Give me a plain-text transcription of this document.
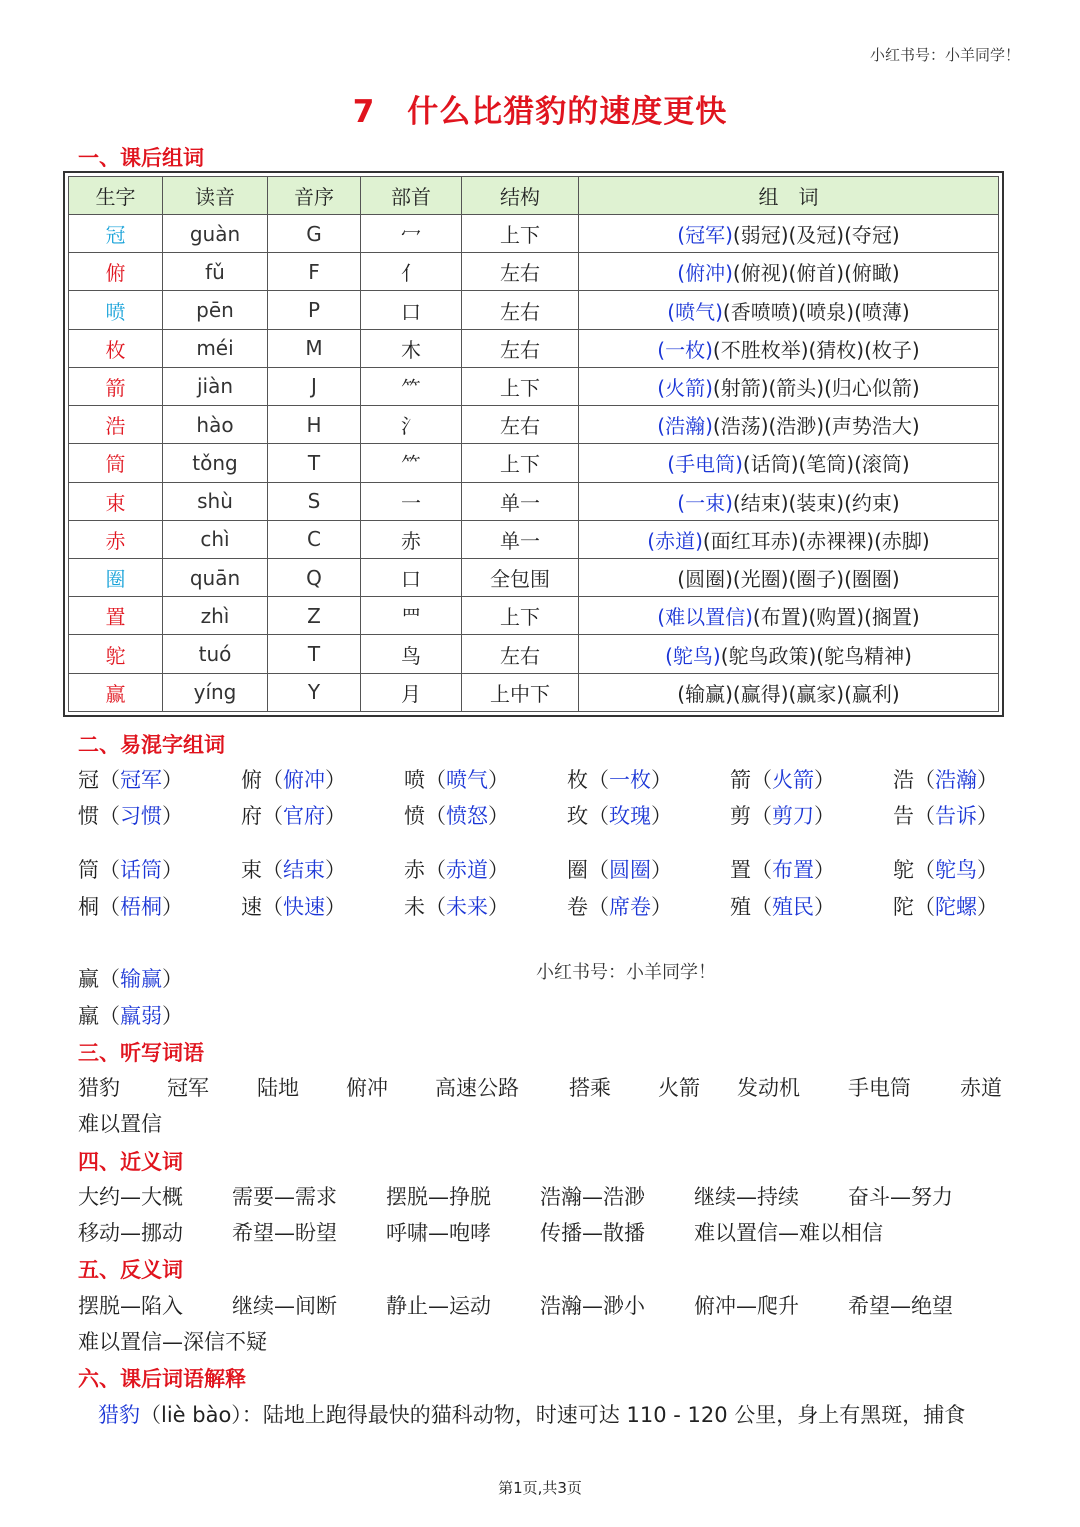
小红书号：小羊同学！
7　什么比猎豹的速度更快
一、课后组词
生字	读音	音序	部首	结构	组　词
冠	guàn	G	冖	上下	(冠军)(弱冠)(及冠)(夺冠)
俯	fǔ	F	亻	左右	(俯冲)(俯视)(俯首)(俯瞰)
喷	pēn	P	口	左右	(喷气)(香喷喷)(喷泉)(喷薄)
枚	méi	M	木	左右	(一枚)(不胜枚举)(猜枚)(枚子)
箭	jiàn	J	⺮	上下	(火箭)(射箭)(箭头)(归心似箭)
浩	hào	H	氵	左右	(浩瀚)(浩荡)(浩渺)(声势浩大)
筒	tǒng	T	⺮	上下	(手电筒)(话筒)(笔筒)(滚筒)
束	shù	S	一	单一	(一束)(结束)(装束)(约束)
赤	chì	C	赤	单一	(赤道)(面红耳赤)(赤裸裸)(赤脚)
圈	quān	Q	口	全包围	(圆圈)(光圈)(圈子)(圈圈)
置	zhì	Z	罒	上下	(难以置信)(布置)(购置)(搁置)
鸵	tuó	T	鸟	左右	(鸵鸟)(鸵鸟政策)(鸵鸟精神)
赢	yíng	Y	月	上中下	(输赢)(赢得)(赢家)(赢利)
二、易混字组词
冠（冠军）	俯（俯冲）	喷（喷气）	枚（一枚）	箭（火箭）	浩（浩瀚）
惯（习惯）	府（官府）	愤（愤怒）	玫（玫瑰）	剪（剪刀）	告（告诉）
筒（话筒）	束（结束）	赤（赤道）	圈（圆圈）	置（布置）	鸵（鸵鸟）
桐（梧桐）	速（快速）	未（未来）	卷（席卷）	殖（殖民）	陀（陀螺）
赢（输赢）
羸（羸弱）
小红书号：小羊同学！
三、听写词语
猎豹 冠军 陆地 俯冲 高速公路 搭乘 火箭 发动机 手电筒 赤道
难以置信
四、近义词
大约—大概 需要—需求 摆脱—挣脱 浩瀚—浩渺 继续—持续 奋斗—努力
移动—挪动 希望—盼望 呼啸—咆哮 传播—散播 难以置信—难以相信
五、反义词
摆脱—陷入 继续—间断 静止—运动 浩瀚—渺小 俯冲—爬升 希望—绝望
难以置信—深信不疑
六、课后词语解释
猎豹（liè bào）：陆地上跑得最快的猫科动物，时速可达 110 - 120 公里，身上有黑斑，捕食
第1页,共3页
